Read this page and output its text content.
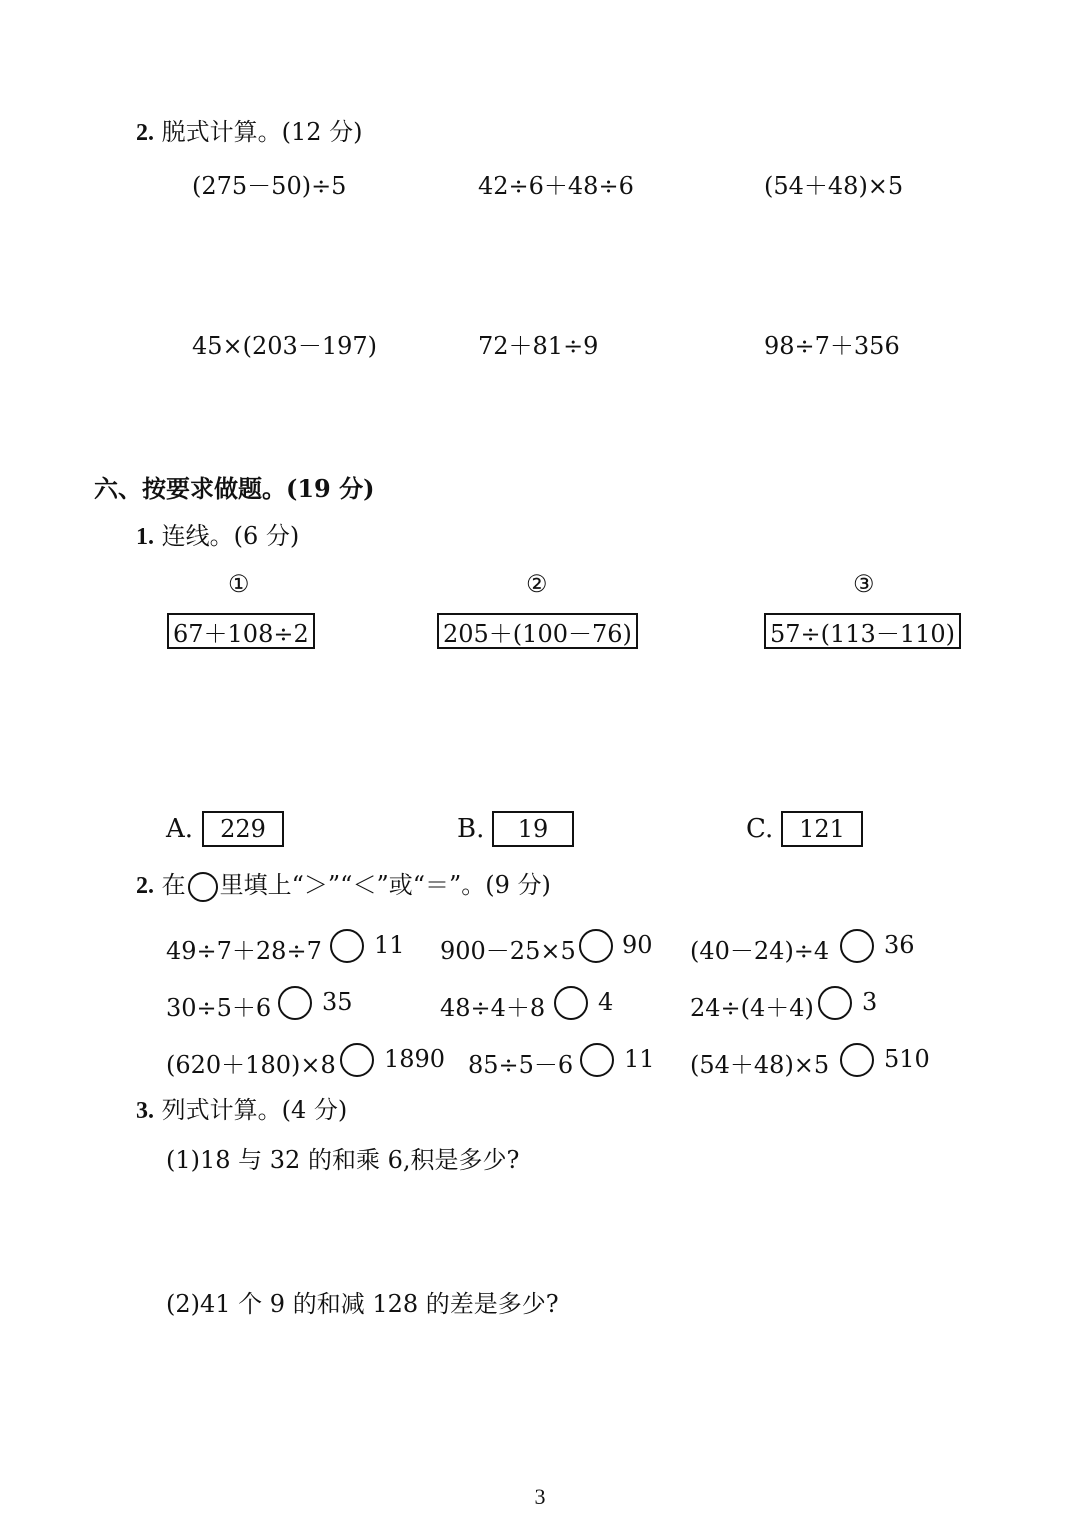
2. 脱式计算。(12 分)
(275－50)÷5	42÷6＋48÷6	(54＋48)×5
45×(203－197)	72＋81÷9	98÷7＋356
六、按要求做题。(19 分)
1. 连线。(6 分)
①	②	③
67＋108÷2	205＋(100－76)	57÷(113－110)
A.	229	B.	19	C.	121
2. 在 里填上“＞”“＜”或“＝”。(9 分)
49÷7＋28÷7 11 900－25×5 90 (40－24)÷4 36
30÷5＋6 35	48÷4＋8 4	24÷(4＋4) 3
(620＋180)×8 1890 85÷5－6 11 (54＋48)×5 510
3. 列式计算。(4 分)
(1)18 与 32 的和乘 6,积是多少?
(2)41 个 9 的和减 128 的差是多少?
3
